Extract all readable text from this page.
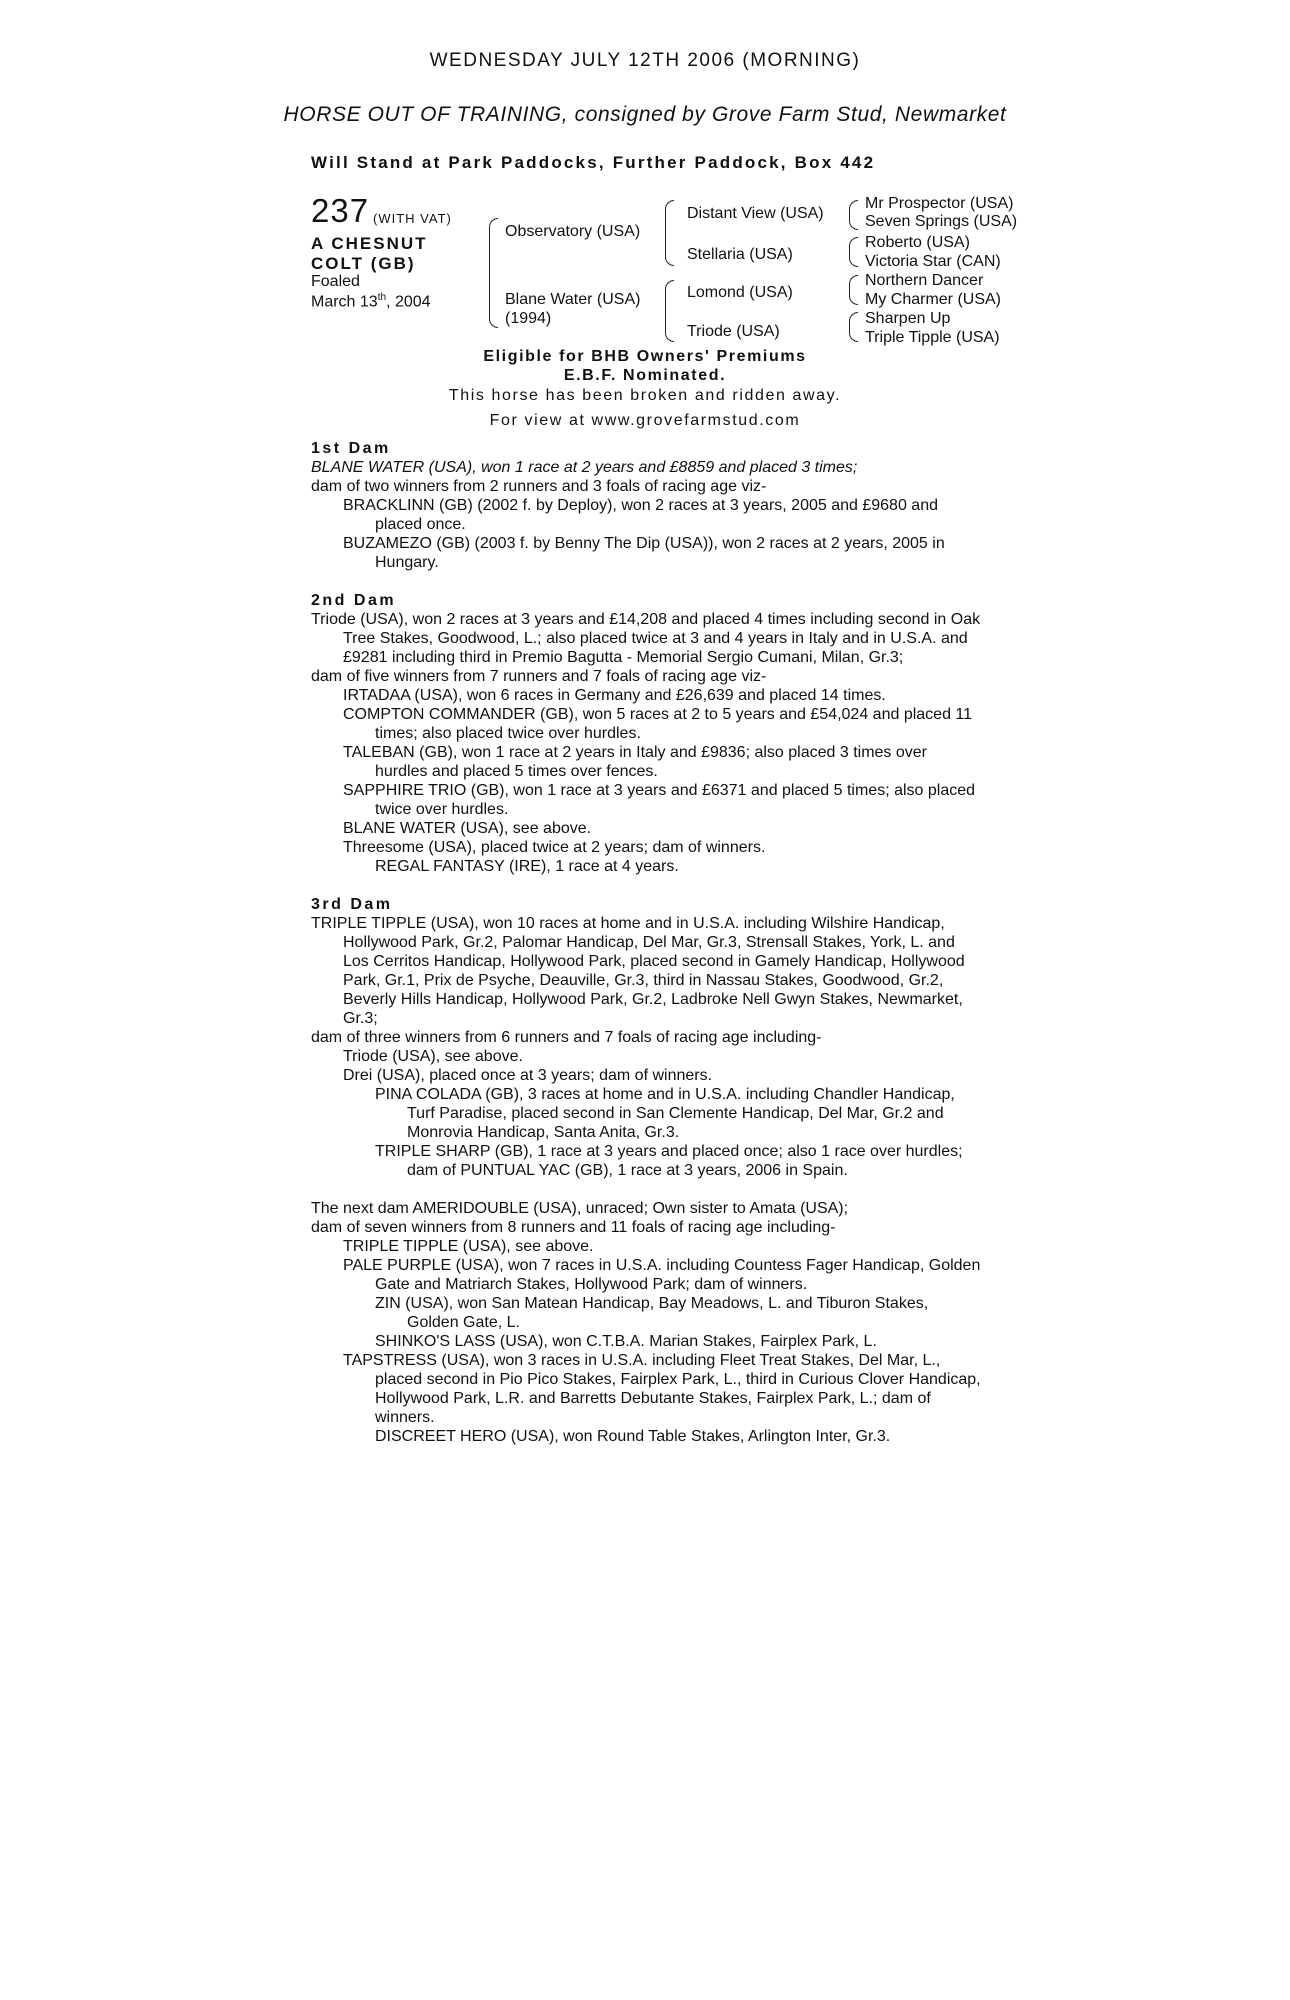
WEDNESDAY JULY 12TH 2006 (MORNING)
HORSE OUT OF TRAINING, consigned by Grove Farm Stud, Newmarket
Will Stand at Park Paddocks, Further Paddock, Box 442
237 (WITH VAT)
A CHESNUT COLT (GB)
Foaled
March 13th, 2004
Observatory (USA)
Blane Water (USA) (1994)
Distant View (USA)
Stellaria (USA)
Lomond (USA)
Triode (USA)
Mr Prospector (USA)
Seven Springs (USA)
Roberto (USA)
Victoria Star (CAN)
Northern Dancer
My Charmer (USA)
Sharpen Up
Triple Tipple (USA)
Eligible for BHB Owners' Premiums
E.B.F. Nominated.
This horse has been broken and ridden away.
For view at www.grovefarmstud.com

1st Dam

BLANE WATER (USA), won 1 race at 2 years and £8859 and placed 3 times;

dam of two winners from 2 runners and 3 foals of racing age viz-

BRACKLINN (GB) (2002 f. by Deploy), won 2 races at 3 years, 2005 and £9680 and placed once.

BUZAMEZO (GB) (2003 f. by Benny The Dip (USA)), won 2 races at 2 years, 2005 in Hungary.

2nd Dam

Triode (USA), won 2 races at 3 years and £14,208 and placed 4 times including second in Oak Tree Stakes, Goodwood, L.; also placed twice at 3 and 4 years in Italy and in U.S.A. and £9281 including third in Premio Bagutta - Memorial Sergio Cumani, Milan, Gr.3;

dam of five winners from 7 runners and 7 foals of racing age viz-

IRTADAA (USA), won 6 races in Germany and £26,639 and placed 14 times.

COMPTON COMMANDER (GB), won 5 races at 2 to 5 years and £54,024 and placed 11 times; also placed twice over hurdles.

TALEBAN (GB), won 1 race at 2 years in Italy and £9836; also placed 3 times over hurdles and placed 5 times over fences.

SAPPHIRE TRIO (GB), won 1 race at 3 years and £6371 and placed 5 times; also placed twice over hurdles.

BLANE WATER (USA), see above.

Threesome (USA), placed twice at 2 years; dam of winners.

REGAL FANTASY (IRE), 1 race at 4 years.

3rd Dam

TRIPLE TIPPLE (USA), won 10 races at home and in U.S.A. including Wilshire Handicap, Hollywood Park, Gr.2, Palomar Handicap, Del Mar, Gr.3, Strensall Stakes, York, L. and Los Cerritos Handicap, Hollywood Park, placed second in Gamely Handicap, Hollywood Park, Gr.1, Prix de Psyche, Deauville, Gr.3, third in Nassau Stakes, Goodwood, Gr.2, Beverly Hills Handicap, Hollywood Park, Gr.2, Ladbroke Nell Gwyn Stakes, Newmarket, Gr.3;

dam of three winners from 6 runners and 7 foals of racing age including-

Triode (USA), see above.

Drei (USA), placed once at 3 years; dam of winners.

PINA COLADA (GB), 3 races at home and in U.S.A. including Chandler Handicap, Turf Paradise, placed second in San Clemente Handicap, Del Mar, Gr.2 and Monrovia Handicap, Santa Anita, Gr.3.

TRIPLE SHARP (GB), 1 race at 3 years and placed once; also 1 race over hurdles; dam of PUNTUAL YAC (GB), 1 race at 3 years, 2006 in Spain.

The next dam AMERIDOUBLE (USA), unraced; Own sister to Amata (USA);

dam of seven winners from 8 runners and 11 foals of racing age including-

TRIPLE TIPPLE (USA), see above.

PALE PURPLE (USA), won 7 races in U.S.A. including Countess Fager Handicap, Golden Gate and Matriarch Stakes, Hollywood Park; dam of winners.

ZIN (USA), won San Matean Handicap, Bay Meadows, L. and Tiburon Stakes, Golden Gate, L.

SHINKO'S LASS (USA), won C.T.B.A. Marian Stakes, Fairplex Park, L.

TAPSTRESS (USA), won 3 races in U.S.A. including Fleet Treat Stakes, Del Mar, L., placed second in Pio Pico Stakes, Fairplex Park, L., third in Curious Clover Handicap, Hollywood Park, L.R. and Barretts Debutante Stakes, Fairplex Park, L.; dam of winners.

DISCREET HERO (USA), won Round Table Stakes, Arlington Inter, Gr.3.
